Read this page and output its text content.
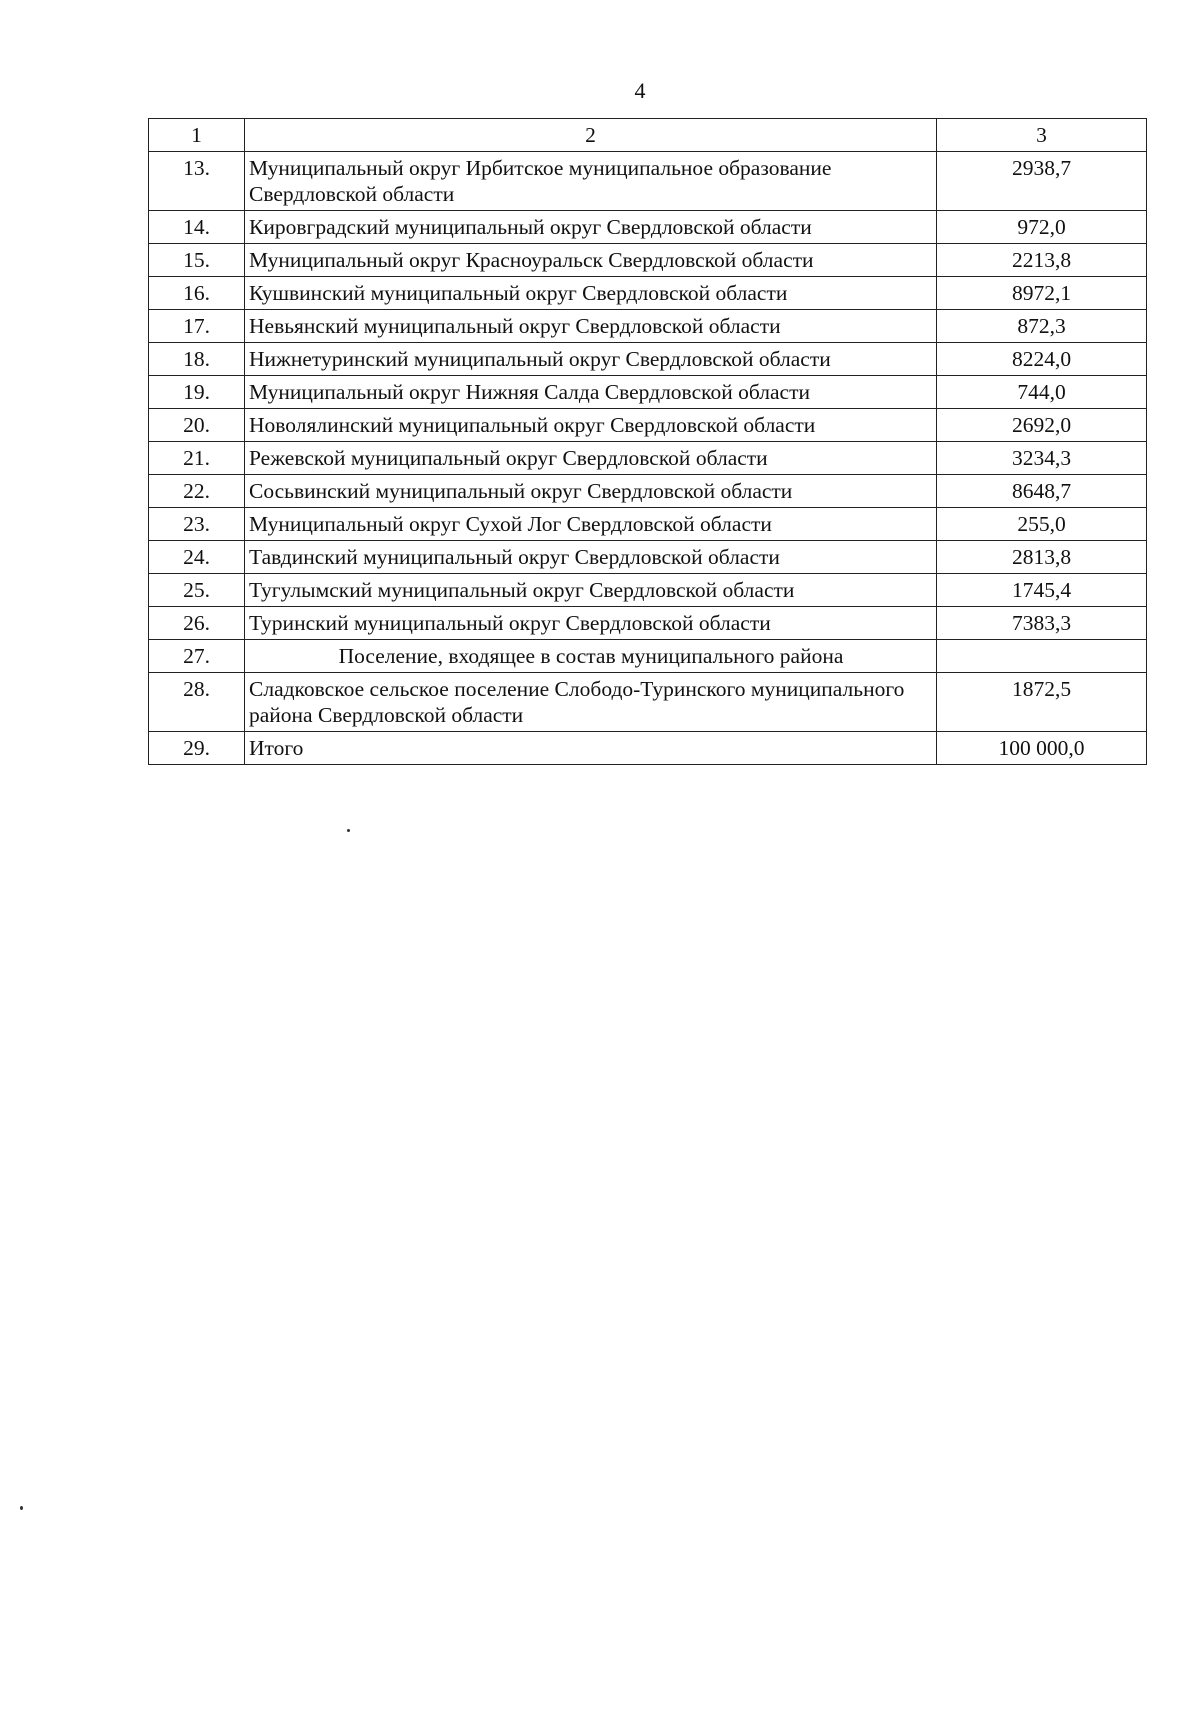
4
1	2	3
13.	Муниципальный округ Ирбитское муниципальное образование Свердловской области	2938,7
14.	Кировградский муниципальный округ Свердловской области	972,0
15.	Муниципальный округ Красноуральск Свердловской области	2213,8
16.	Кушвинский муниципальный округ Свердловской области	8972,1
17.	Невьянский муниципальный округ Свердловской области	872,3
18.	Нижнетуринский муниципальный округ Свердловской области	8224,0
19.	Муниципальный округ Нижняя Салда Свердловской области	744,0
20.	Новолялинский муниципальный округ Свердловской области	2692,0
21.	Режевской муниципальный округ Свердловской области	3234,3
22.	Сосьвинский муниципальный округ Свердловской области	8648,7
23.	Муниципальный округ Сухой Лог Свердловской области	255,0
24.	Тавдинский муниципальный округ Свердловской области	2813,8
25.	Тугулымский муниципальный округ Свердловской области	1745,4
26.	Туринский муниципальный округ Свердловской области	7383,3
27.	Поселение, входящее в состав муниципального района	
28.	Сладковское сельское поселение Слободо-Туринского муниципального района Свердловской области	1872,5
29.	Итого	100 000,0
